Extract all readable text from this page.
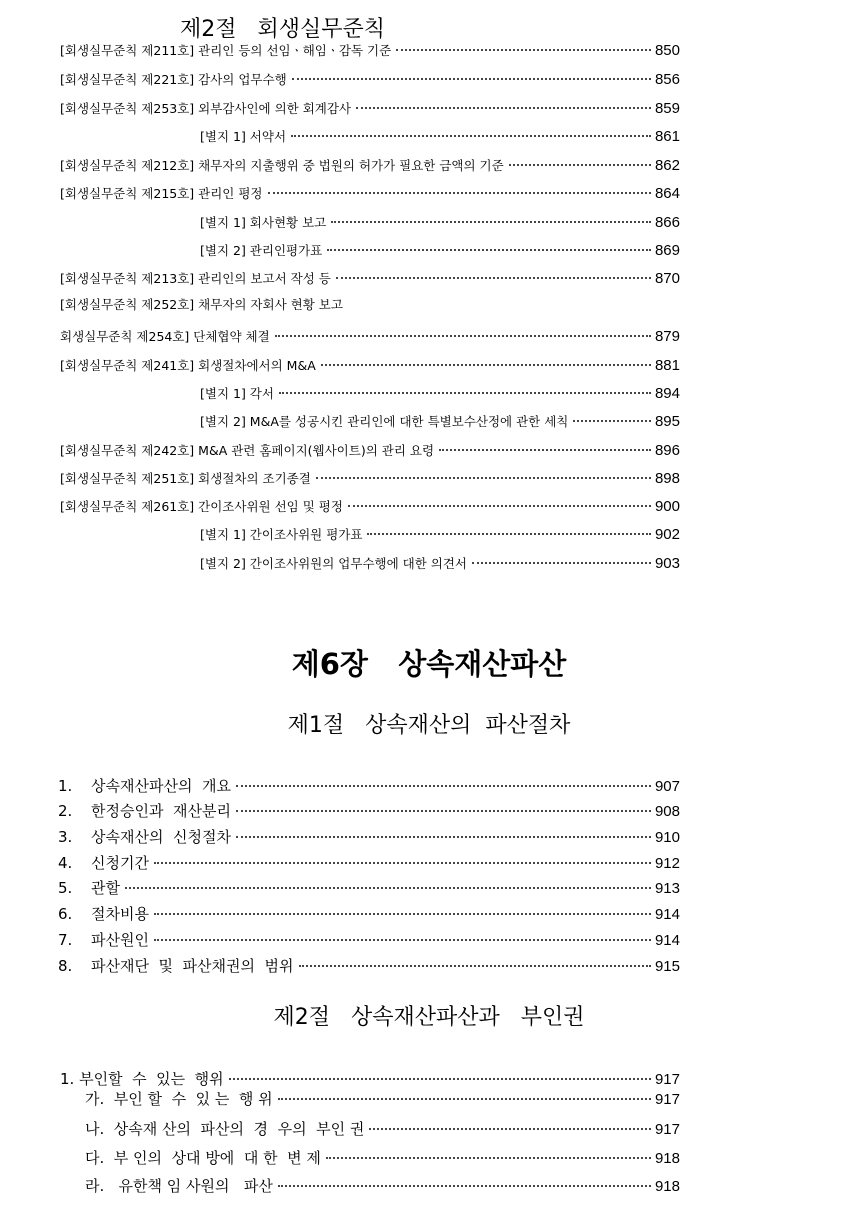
제2절   회생실무준칙
[회생실무준칙 제211호] 관리인 등의 선임ㆍ해임ㆍ감독 기준	850
[회생실무준칙 제221호] 감사의 업무수행	856
[회생실무준칙 제253호] 외부감사인에 의한 회계감사	859
[별지 1] 서약서	861
[회생실무준칙 제212호] 채무자의 지출행위 중 법원의 허가가 필요한 금액의 기준	862
[회생실무준칙 제215호] 관리인 평정	864
[별지 1] 회사현황 보고	866
[별지 2] 관리인평가표	869
[회생실무준칙 제213호] 관리인의 보고서 작성 등	870
[회생실무준칙 제252호] 채무자의 자회사 현황 보고
회생실무준칙 제254호] 단체협약 체결	879
[회생실무준칙 제241호] 회생절차에서의 M&A	881
[별지 1] 각서	894
[별지 2] M&A를 성공시킨 관리인에 대한 특별보수산정에 관한 세칙	895
[회생실무준칙 제242호] M&A 관련 홈페이지(웹사이트)의 관리 요령	896
[회생실무준칙 제251호] 회생절차의 조기종결	898
[회생실무준칙 제261호] 간이조사위원 선임 및 평정	900
[별지 1] 간이조사위원 평가표	902
[별지 2] 간이조사위원의 업무수행에 대한 의견서	903
제6장   상속재산파산
제1절   상속재산의  파산절차
1. 상속재산파산의  개요	907
2. 한정승인과  재산분리	908
3. 상속재산의  신청절차	910
4. 신청기간	912
5. 관할	913
6. 절차비용	914
7. 파산원인	914
8. 파산재단  및  파산채권의  범위	915
제2절   상속재산파산과   부인권
1. 부인할  수  있는  행위	917
가.  부인 할  수  있 는  행 위	917
나.  상속재 산의  파산의  경  우의  부인 권	917
다.  부 인의  상대 방에  대 한  변 제	918
라.   유한책 임 사원의   파산	918
